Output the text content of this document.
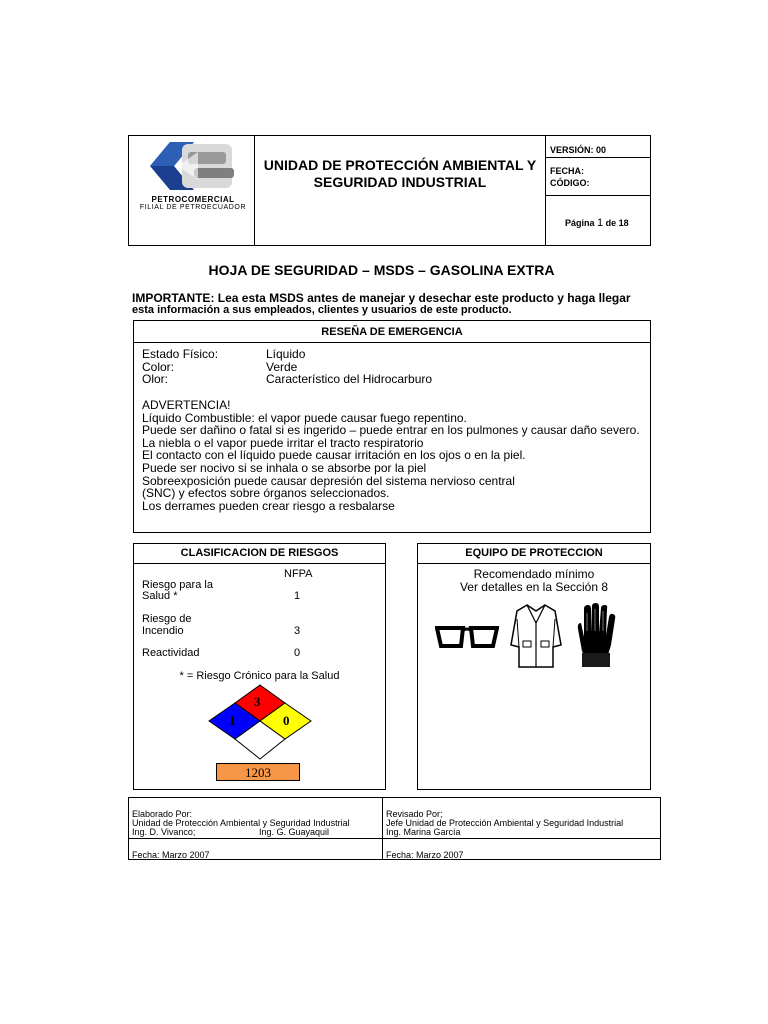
PETROCOMERCIAL
FILIAL DE PETROECUADOR
UNIDAD DE PROTECCIÓN AMBIENTAL Y
SEGURIDAD INDUSTRIAL
VERSIÓN: 00
FECHA:
CÓDIGO:
Página 1 de 18
HOJA DE SEGURIDAD – MSDS – GASOLINA EXTRA
IMPORTANTE: Lea esta MSDS antes de manejar y desechar este producto y haga llegar
esta información a sus empleados, clientes y usuarios de este producto.
RESEÑA DE EMERGENCIA
Estado Físico:	Líquido
Color:	Verde
Olor:	Característico del Hidrocarburo
ADVERTENCIA!
Líquido Combustible: el vapor puede causar fuego repentino.
Puede ser dañino o fatal si es ingerido – puede entrar en los pulmones y causar daño severo.
La niebla o el vapor puede irritar el tracto respiratorio
El contacto con el líquido puede causar irritación en los ojos o en la piel.
Puede ser nocivo si se inhala o se absorbe por la piel
Sobreexposición puede causar depresión del sistema nervioso central
(SNC) y efectos sobre órganos seleccionados.
Los derrames pueden crear riesgo a resbalarse
CLASIFICACION DE RIESGOS
NFPA
Riesgo para la
Salud *	1
Riesgo de
Incendio	3
Reactividad	0
* = Riesgo Crónico para la Salud
3
1	0
1203
EQUIPO DE PROTECCION
Recomendado mínimo
Ver detalles en la Sección 8
Elaborado Por:
Unidad de Protección Ambiental y Seguridad Industrial
Ing. D. Vivanco;	Ing. G. Guayaquil
Fecha: Marzo 2007
Revisado Por;
Jefe Unidad de Protección Ambiental y Seguridad Industrial
Ing. Marina García
Fecha: Marzo 2007
